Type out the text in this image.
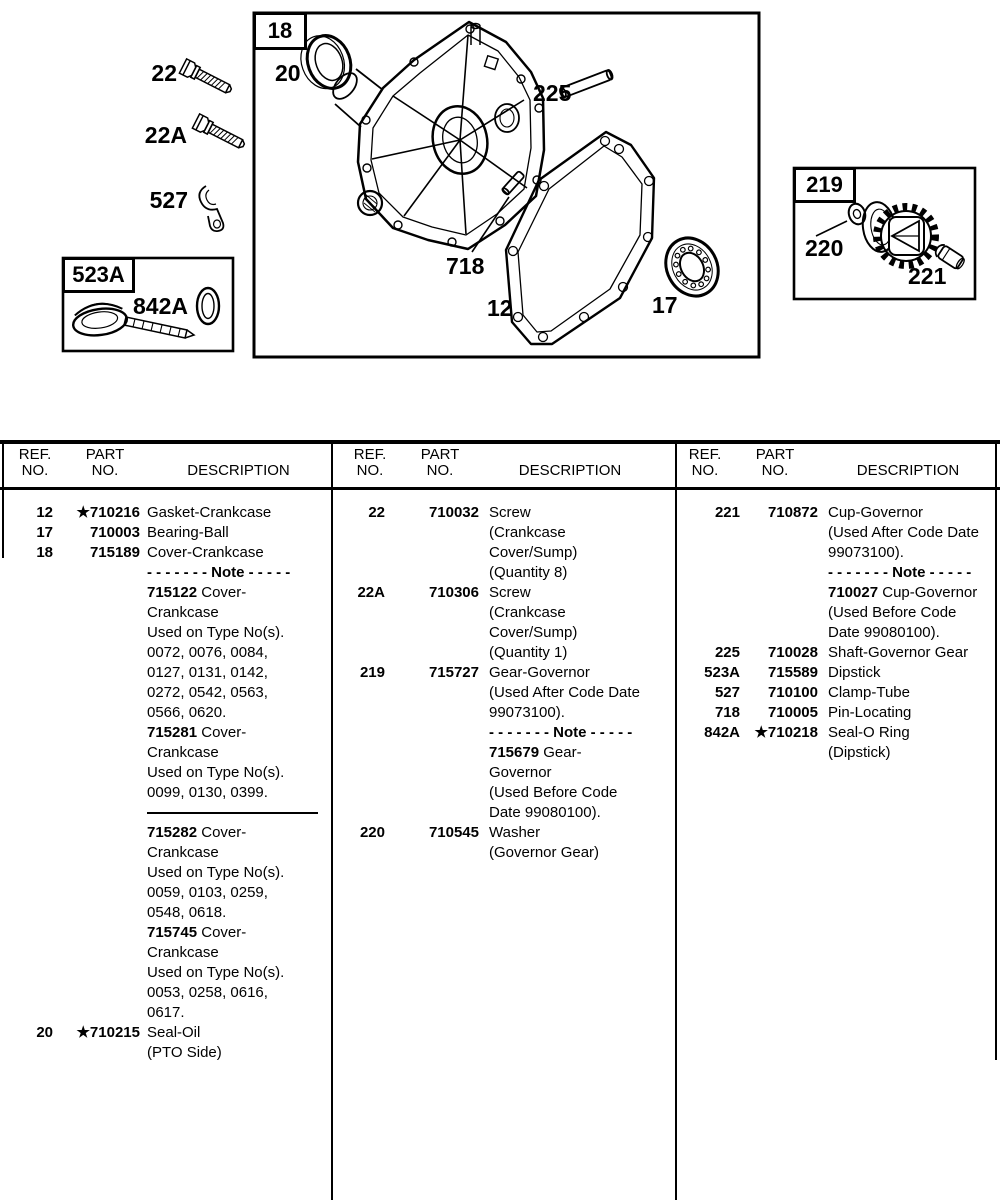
18
523A
219
22
22A
527
842A
20
225
718
12	17
220
221
REF.
NO.
PART
NO.	DESCRIPTION
REF.
NO.
PART
NO.	DESCRIPTION
REF.
NO.
PART
NO.	DESCRIPTION
12	★710216 Gasket-Crankcase
17	710003 Bearing-Ball
18	715189 Cover-Crankcase
- - - - - - - Note - - - - -
715122 Cover-
Crankcase
Used on Type No(s).
0072, 0076, 0084,
0127, 0131, 0142,
0272, 0542, 0563,
0566, 0620.
715281 Cover-
Crankcase
Used on Type No(s).
0099, 0130, 0399.
715282 Cover-
Crankcase
Used on Type No(s).
0059, 0103, 0259,
0548, 0618.
715745 Cover-
Crankcase
Used on Type No(s).
0053, 0258, 0616,
0617.
20	★710215 Seal-Oil
(PTO Side)
22	710032 Screw
(Crankcase
Cover/Sump)
(Quantity 8)
22A	710306 Screw
(Crankcase
Cover/Sump)
(Quantity 1)
219	715727 Gear-Governor
(Used After Code Date
99073100).
- - - - - - - Note - - - - -
715679 Gear-
Governor
(Used Before Code
Date 99080100).
220	710545 Washer
(Governor Gear)
221	710872 Cup-Governor
(Used After Code Date
99073100).
- - - - - - - Note - - - - -
710027 Cup-Governor
(Used Before Code
Date 99080100).
225	710028 Shaft-Governor Gear
523A	715589 Dipstick
527	710100 Clamp-Tube
718	710005 Pin-Locating
842A ★710218 Seal-O Ring
(Dipstick)
